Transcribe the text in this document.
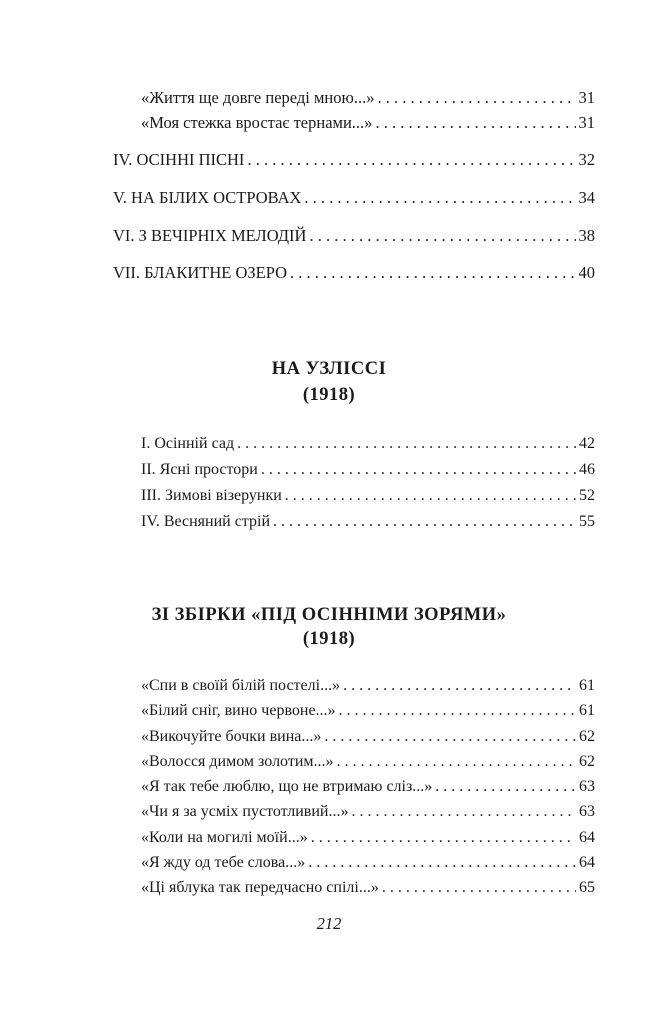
«Життя ще довге переді мною...» . . .	31
«Моя стежка вростає тернами...» . . .	31
IV. ОСІННІ ПІСНІ . . .	32
V. НА БІЛИХ ОСТРОВАХ . . .	34
VI. З ВЕЧІРНІХ МЕЛОДІЙ . . .	38
VII. БЛАКИТНЕ ОЗЕРО . . .	40
НА УЗЛІССІ
(1918)
I. Осінній сад . . .	42
II. Ясні простори . . .	46
III. Зимові візерунки . . .	52
IV. Весняний стрій . . .	55
ЗІ ЗБІРКИ «ПІД ОСІННІМИ ЗОРЯМИ»
(1918)
«Спи в своїй білій постелі...» . . .	61
«Білий сніг, вино червоне...» . . .	61
«Викочуйте бочки вина...» . . .	62
«Волосся димом золотим...» . . .	62
«Я так тебе люблю, що не втримаю сліз...» . . .	63
«Чи я за усміх пустотливий...» . . .	63
«Коли на могилі моїй...» . . .	64
«Я жду од тебе слова...» . . .	64
«Ці яблука так передчасно спілі...» . . .	65
212
